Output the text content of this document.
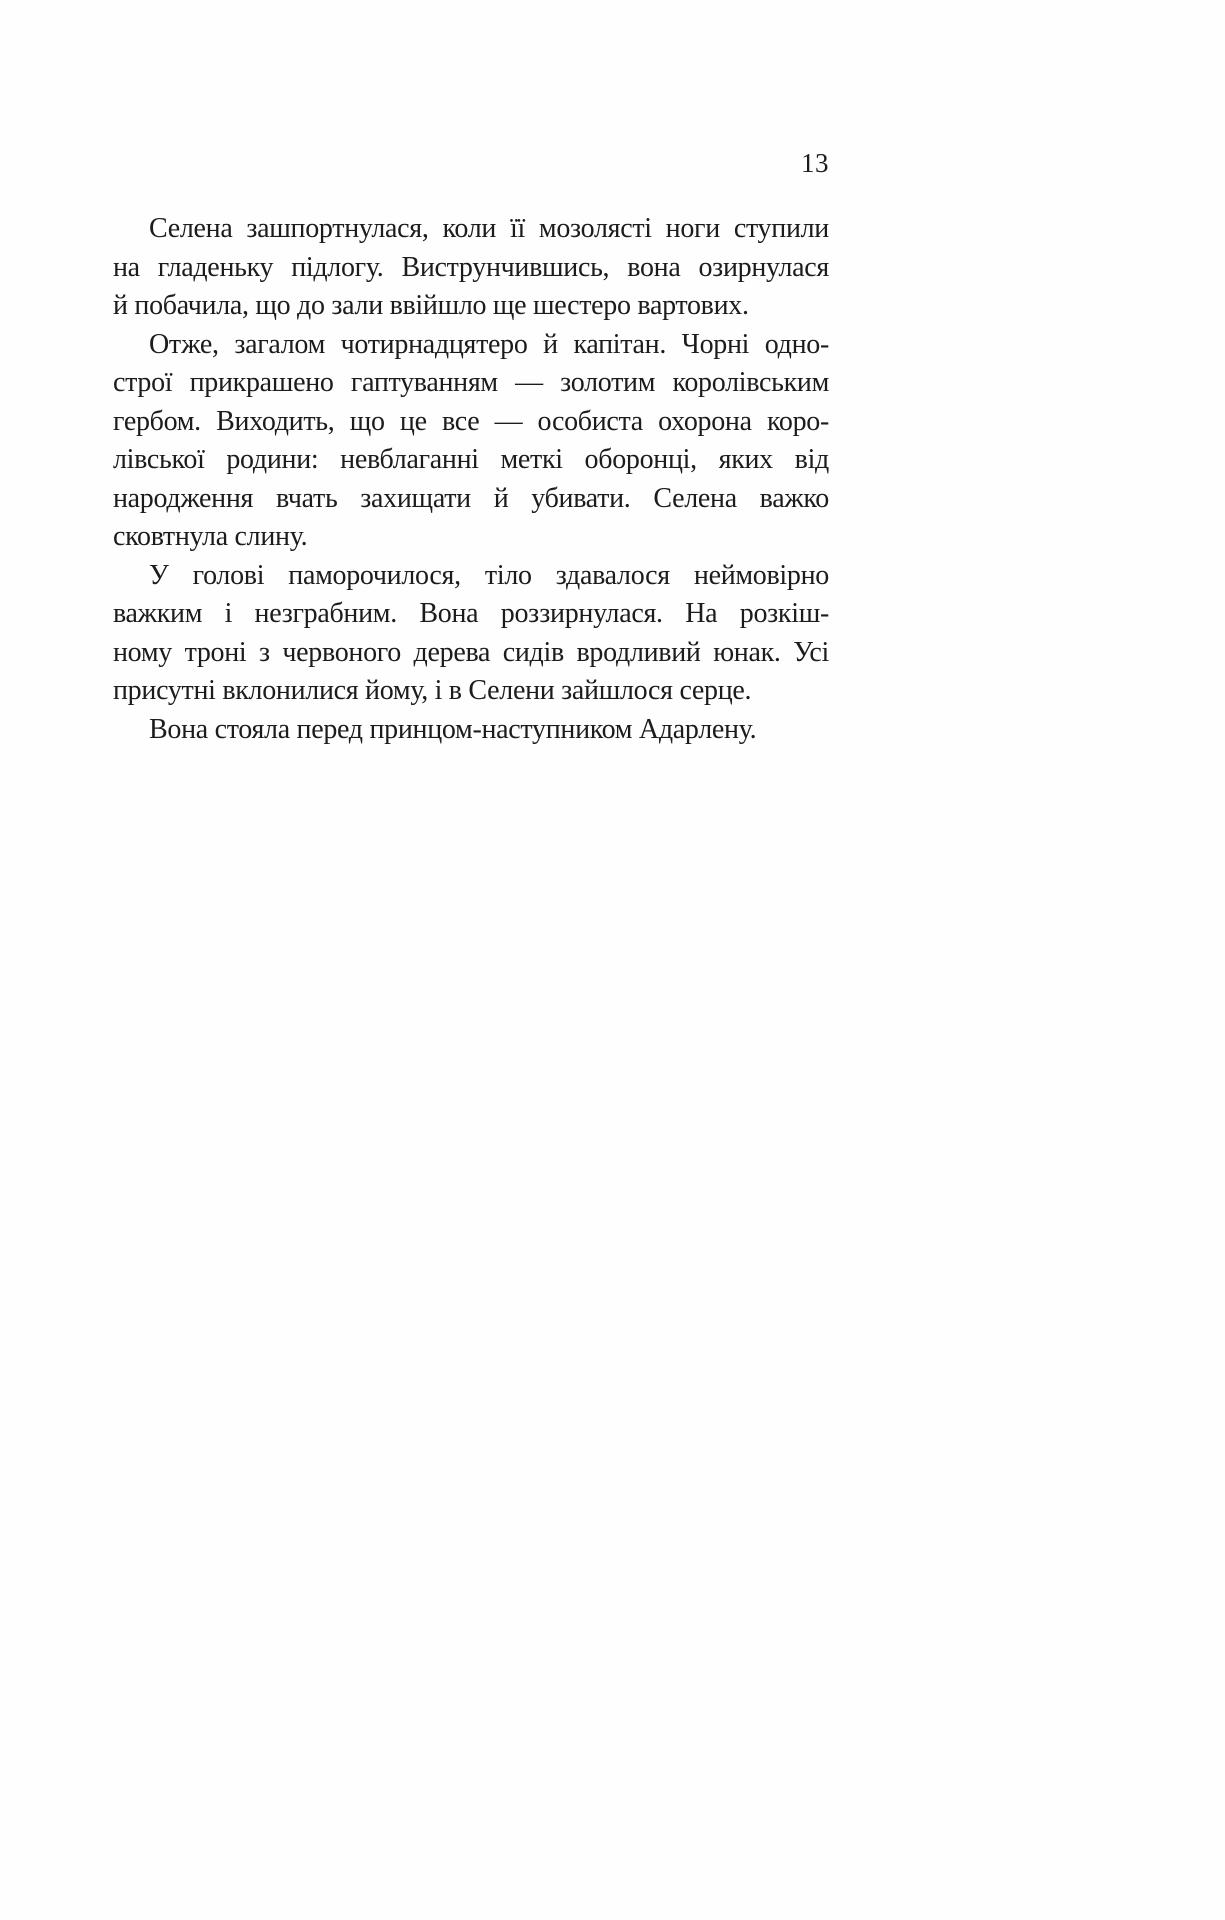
13
Селена зашпортнулася, коли її мозолясті ноги ступили
на гладеньку підлогу. Виструнчившись, вона озирнулася
й побачила, що до зали ввійшло ще шестеро вартових.
Отже, загалом чотирнадцятеро й капітан. Чорні одно-
строї прикрашено гаптуванням — золотим королівським
гербом. Виходить, що це все — особиста охорона коро-
лівської родини: невблаганні меткі оборонці, яких від
народження вчать захищати й убивати. Селена важко
сковтнула слину.
У голові паморочилося, тіло здавалося неймовірно
важким і незграбним. Вона роззирнулася. На розкіш-
ному троні з червоного дерева сидів вродливий юнак. Усі
присутні вклонилися йому, і в Селени зайшлося серце.
Вона стояла перед принцом-наступником Адарлену.
